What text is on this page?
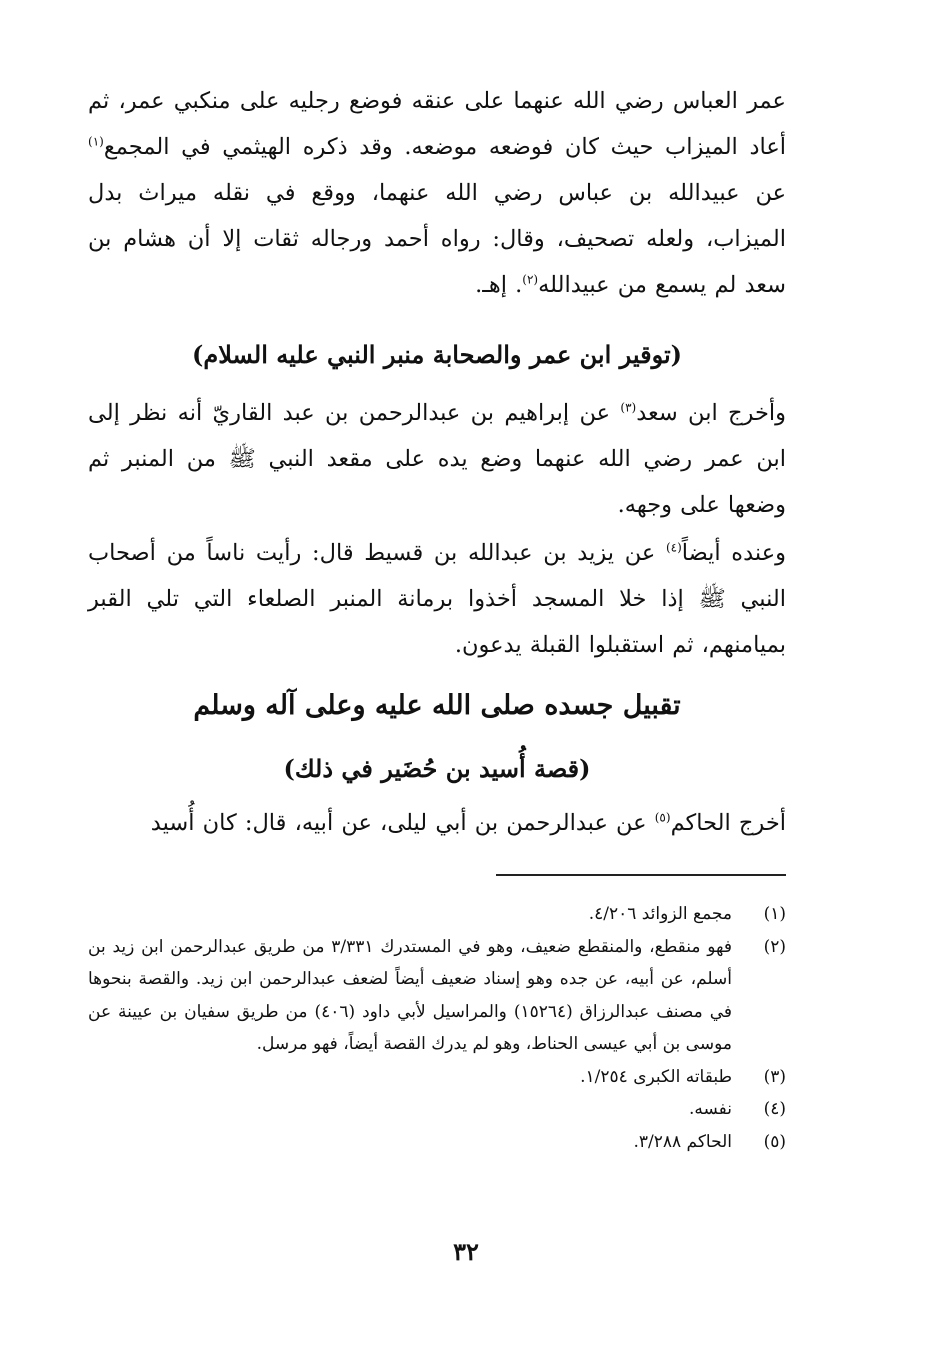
عمر العباس رضي الله عنهما على عنقه فوضع رجليه على منكبي عمر، ثم أعاد الميزاب حيث كان فوضعه موضعه. وقد ذكره الهيثمي في المجمع$^{(١)}$ عن عبيدالله بن عباس رضي الله عنهما، ووقع في نقله ميراث بدل الميزاب، ولعله تصحيف، وقال: رواه أحمد ورجاله ثقات إلا أن هشام بن سعد لم يسمع من عبيدالله$^{(٢)}$. إهـ.

(توقير ابن عمر والصحابة منبر النبي عليه السلام)

وأخرج ابن سعد$^{(٣)}$ عن إبراهيم بن عبدالرحمن بن عبد القاريّ أنه نظر إلى ابن عمر رضي الله عنهما وضع يده على مقعد النبي ﷺ من المنبر ثم وضعها على وجهه.

وعنده أيضاً$^{(٤)}$ عن يزيد بن عبدالله بن قسيط قال: رأيت ناساً من أصحاب النبي ﷺ إذا خلا المسجد أخذوا برمانة المنبر الصلعاء التي تلي القبر بميامنهم، ثم استقبلوا القبلة يدعون.

تقبيل جسده صلى الله عليه وعلى آله وسلم
(قصة أُسيد بن حُضَير في ذلك)

أخرج الحاكم$^{(٥)}$ عن عبدالرحمن بن أبي ليلى، عن أبيه، قال: كان أُسيد

(١)
مجمع الزوائد ٤/٢٠٦.
(٢)
فهو منقطع، والمنقطع ضعيف، وهو في المستدرك ٣/٣٣١ من طريق عبدالرحمن ابن زيد بن أسلم، عن أبيه، عن جده وهو إسناد ضعيف أيضاً لضعف عبدالرحمن ابن زيد. والقصة بنحوها في مصنف عبدالرزاق (١٥٢٦٤) والمراسيل لأبي داود (٤٠٦) من طريق سفيان بن عيينة عن موسى بن أبي عيسى الحناط، وهو لم يدرك القصة أيضاً، فهو مرسل.
(٣)
طبقاته الكبرى ١/٢٥٤.
(٤)
نفسه.
(٥)
الحاكم ٣/٢٨٨.
٣٢
